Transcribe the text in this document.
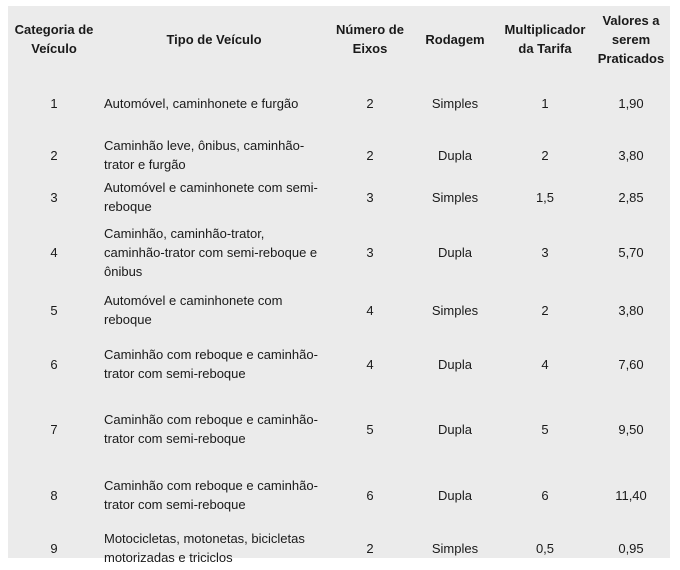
Categoria de Veículo	Tipo de Veículo	Número de Eixos	Rodagem	Multiplicador da Tarifa	Valores a serem Praticados
1	Automóvel, caminhonete e furgão	2	Simples	1	1,90
2	Caminhão leve, ônibus, caminhão-trator e furgão	2	Dupla	2	3,80
3	Automóvel e caminhonete com semi-reboque	3	Simples	1,5	2,85
4	Caminhão, caminhão-trator, caminhão-trator com semi-reboque e ônibus	3	Dupla	3	5,70
5	Automóvel e caminhonete com reboque	4	Simples	2	3,80
6	Caminhão com reboque e caminhão-trator com semi-reboque	4	Dupla	4	7,60
7	Caminhão com reboque e caminhão-trator com semi-reboque	5	Dupla	5	9,50
8	Caminhão com reboque e caminhão-trator com semi-reboque	6	Dupla	6	11,40
9	Motocicletas, motonetas, bicicletas motorizadas e triciclos	2	Simples	0,5	0,95
